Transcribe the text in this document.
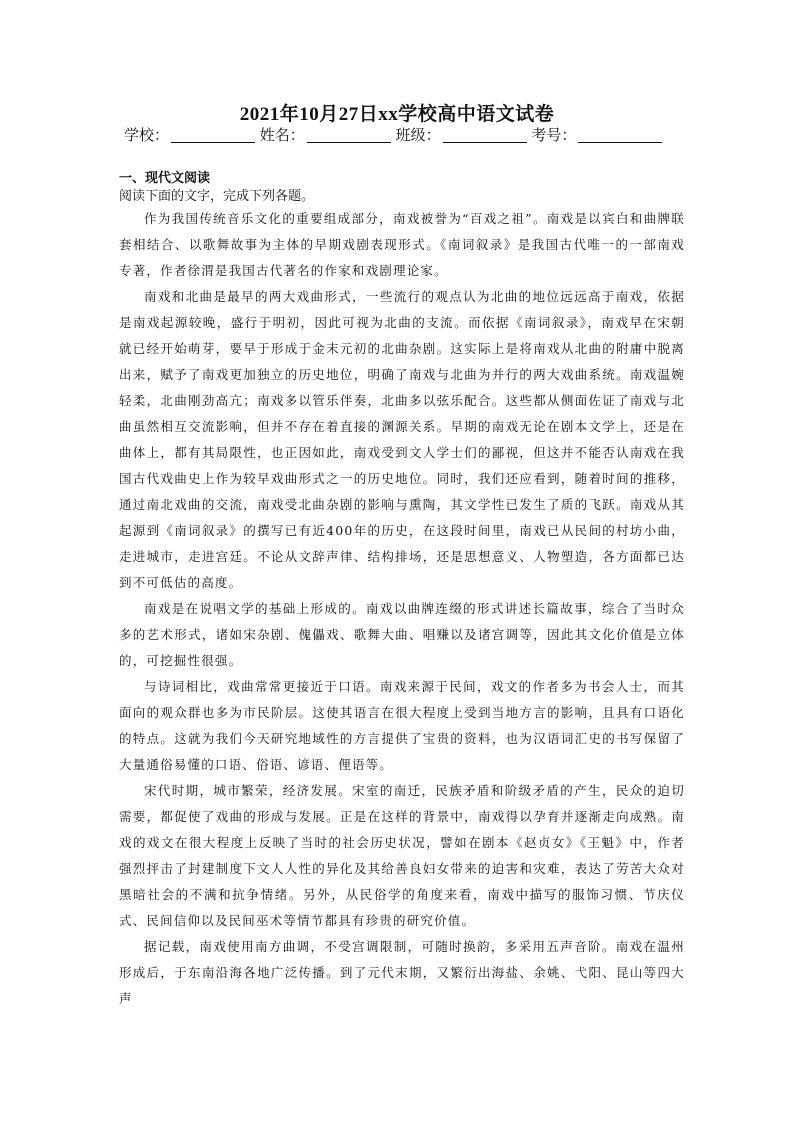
2021年10月27日xx学校高中语文试卷
学校：	姓名：	班级：	考号：
一、现代文阅读
阅读下面的文字，完成下列各题。

作为我国传统音乐文化的重要组成部分，南戏被誉为“百戏之祖”。南戏是以宾白和曲牌联套相结合、以歌舞故事为主体的早期戏剧表现形式。《南词叙录》是我国古代唯一的一部南戏专著，作者徐渭是我国古代著名的作家和戏剧理论家。

南戏和北曲是最早的两大戏曲形式，一些流行的观点认为北曲的地位远远高于南戏，依据是南戏起源较晚，盛行于明初，因此可视为北曲的支流。而依据《南词叙录》，南戏早在宋朝就已经开始萌芽，要早于形成于金末元初的北曲杂剧。这实际上是将南戏从北曲的附庸中脱离出来，赋予了南戏更加独立的历史地位，明确了南戏与北曲为并行的两大戏曲系统。南戏温婉轻柔，北曲刚劲高亢；南戏多以管乐伴奏，北曲多以弦乐配合。这些都从侧面佐证了南戏与北曲虽然相互交流影响，但并不存在着直接的渊源关系。早期的南戏无论在剧本文学上，还是在曲体上，都有其局限性，也正因如此，南戏受到文人学士们的鄙视，但这并不能否认南戏在我国古代戏曲史上作为较早戏曲形式之一的历史地位。同时，我们还应看到，随着时间的推移，通过南北戏曲的交流，南戏受北曲杂剧的影响与熏陶，其文学性已发生了质的飞跃。南戏从其起源到《南词叙录》的撰写已有近400年的历史，在这段时间里，南戏已从民间的村坊小曲，走进城市，走进宫廷。不论从文辞声律、结构排场，还是思想意义、人物塑造，各方面都已达到不可低估的高度。

南戏是在说唱文学的基础上形成的。南戏以曲牌连缀的形式讲述长篇故事，综合了当时众多的艺术形式，诸如宋杂剧、傀儡戏、歌舞大曲、唱赚以及诸宫调等，因此其文化价值是立体的，可挖掘性很强。

与诗词相比，戏曲常常更接近于口语。南戏来源于民间，戏文的作者多为书会人士，而其面向的观众群也多为市民阶层。这使其语言在很大程度上受到当地方言的影响，且具有口语化的特点。这就为我们今天研究地域性的方言提供了宝贵的资料，也为汉语词汇史的书写保留了大量通俗易懂的口语、俗语、谚语、俚语等。

宋代时期，城市繁荣，经济发展。宋室的南迁，民族矛盾和阶级矛盾的产生，民众的迫切需要，都促使了戏曲的形成与发展。正是在这样的背景中，南戏得以孕育并逐渐走向成熟。南戏的戏文在很大程度上反映了当时的社会历史状况，譬如在剧本《赵贞女》《王魁》中，作者强烈抨击了封建制度下文人人性的异化及其给善良妇女带来的迫害和灾难，表达了劳苦大众对黑暗社会的不满和抗争情绪。另外，从民俗学的角度来看，南戏中描写的服饰习惯、节庆仪式、民间信仰以及民间巫术等情节都具有珍贵的研究价值。

据记载，南戏使用南方曲调，不受宫调限制，可随时换韵，多采用五声音阶。南戏在温州形成后，于东南沿海各地广泛传播。到了元代末期，又繁衍出海盐、余姚、弋阳、昆山等四大声
